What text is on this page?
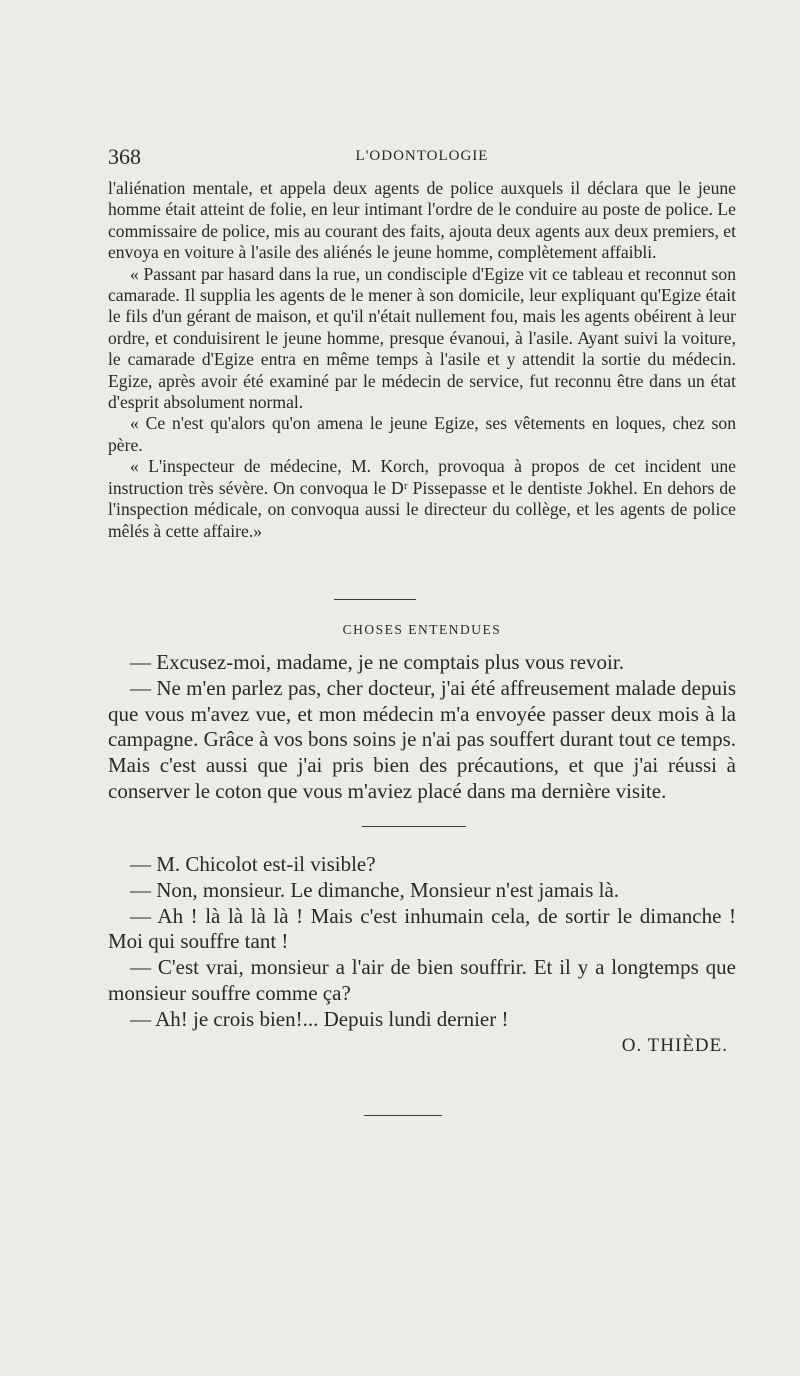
368	L'ODONTOLOGIE

l'aliénation mentale, et appela deux agents de police auxquels il déclara que le jeune homme était atteint de folie, en leur intimant l'ordre de le conduire au poste de police. Le commissaire de police, mis au courant des faits, ajouta deux agents aux deux premiers, et envoya en voiture à l'asile des aliénés le jeune homme, complètement affaibli.

« Passant par hasard dans la rue, un condisciple d'Egize vit ce tableau et reconnut son camarade. Il supplia les agents de le mener à son domicile, leur expliquant qu'Egize était le fils d'un gérant de maison, et qu'il n'était nullement fou, mais les agents obéirent à leur ordre, et conduisirent le jeune homme, presque évanoui, à l'asile. Ayant suivi la voiture, le camarade d'Egize entra en même temps à l'asile et y attendit la sortie du médecin. Egize, après avoir été examiné par le médecin de service, fut reconnu être dans un état d'esprit absolument normal.

« Ce n'est qu'alors qu'on amena le jeune Egize, ses vêtements en loques, chez son père.

« L'inspecteur de médecine, M. Korch, provoqua à propos de cet incident une instruction très sévère. On convoqua le Dʳ Pissepasse et le dentiste Jokhel. En dehors de l'inspection médicale, on convoqua aussi le directeur du collège, et les agents de police mêlés à cette affaire.»

CHOSES ENTENDUES

— Excusez-moi, madame, je ne comptais plus vous revoir.

— Ne m'en parlez pas, cher docteur, j'ai été affreusement malade depuis que vous m'avez vue, et mon médecin m'a envoyée passer deux mois à la campagne. Grâce à vos bons soins je n'ai pas souffert durant tout ce temps. Mais c'est aussi que j'ai pris bien des précautions, et que j'ai réussi à conserver le coton que vous m'aviez placé dans ma dernière visite.

— M. Chicolot est-il visible?

— Non, monsieur. Le dimanche, Monsieur n'est jamais là.

— Ah ! là là là là ! Mais c'est inhumain cela, de sortir le dimanche ! Moi qui souffre tant !

— C'est vrai, monsieur a l'air de bien souffrir. Et il y a longtemps que monsieur souffre comme ça?

— Ah! je crois bien!... Depuis lundi dernier !

O. THIÈDE.
